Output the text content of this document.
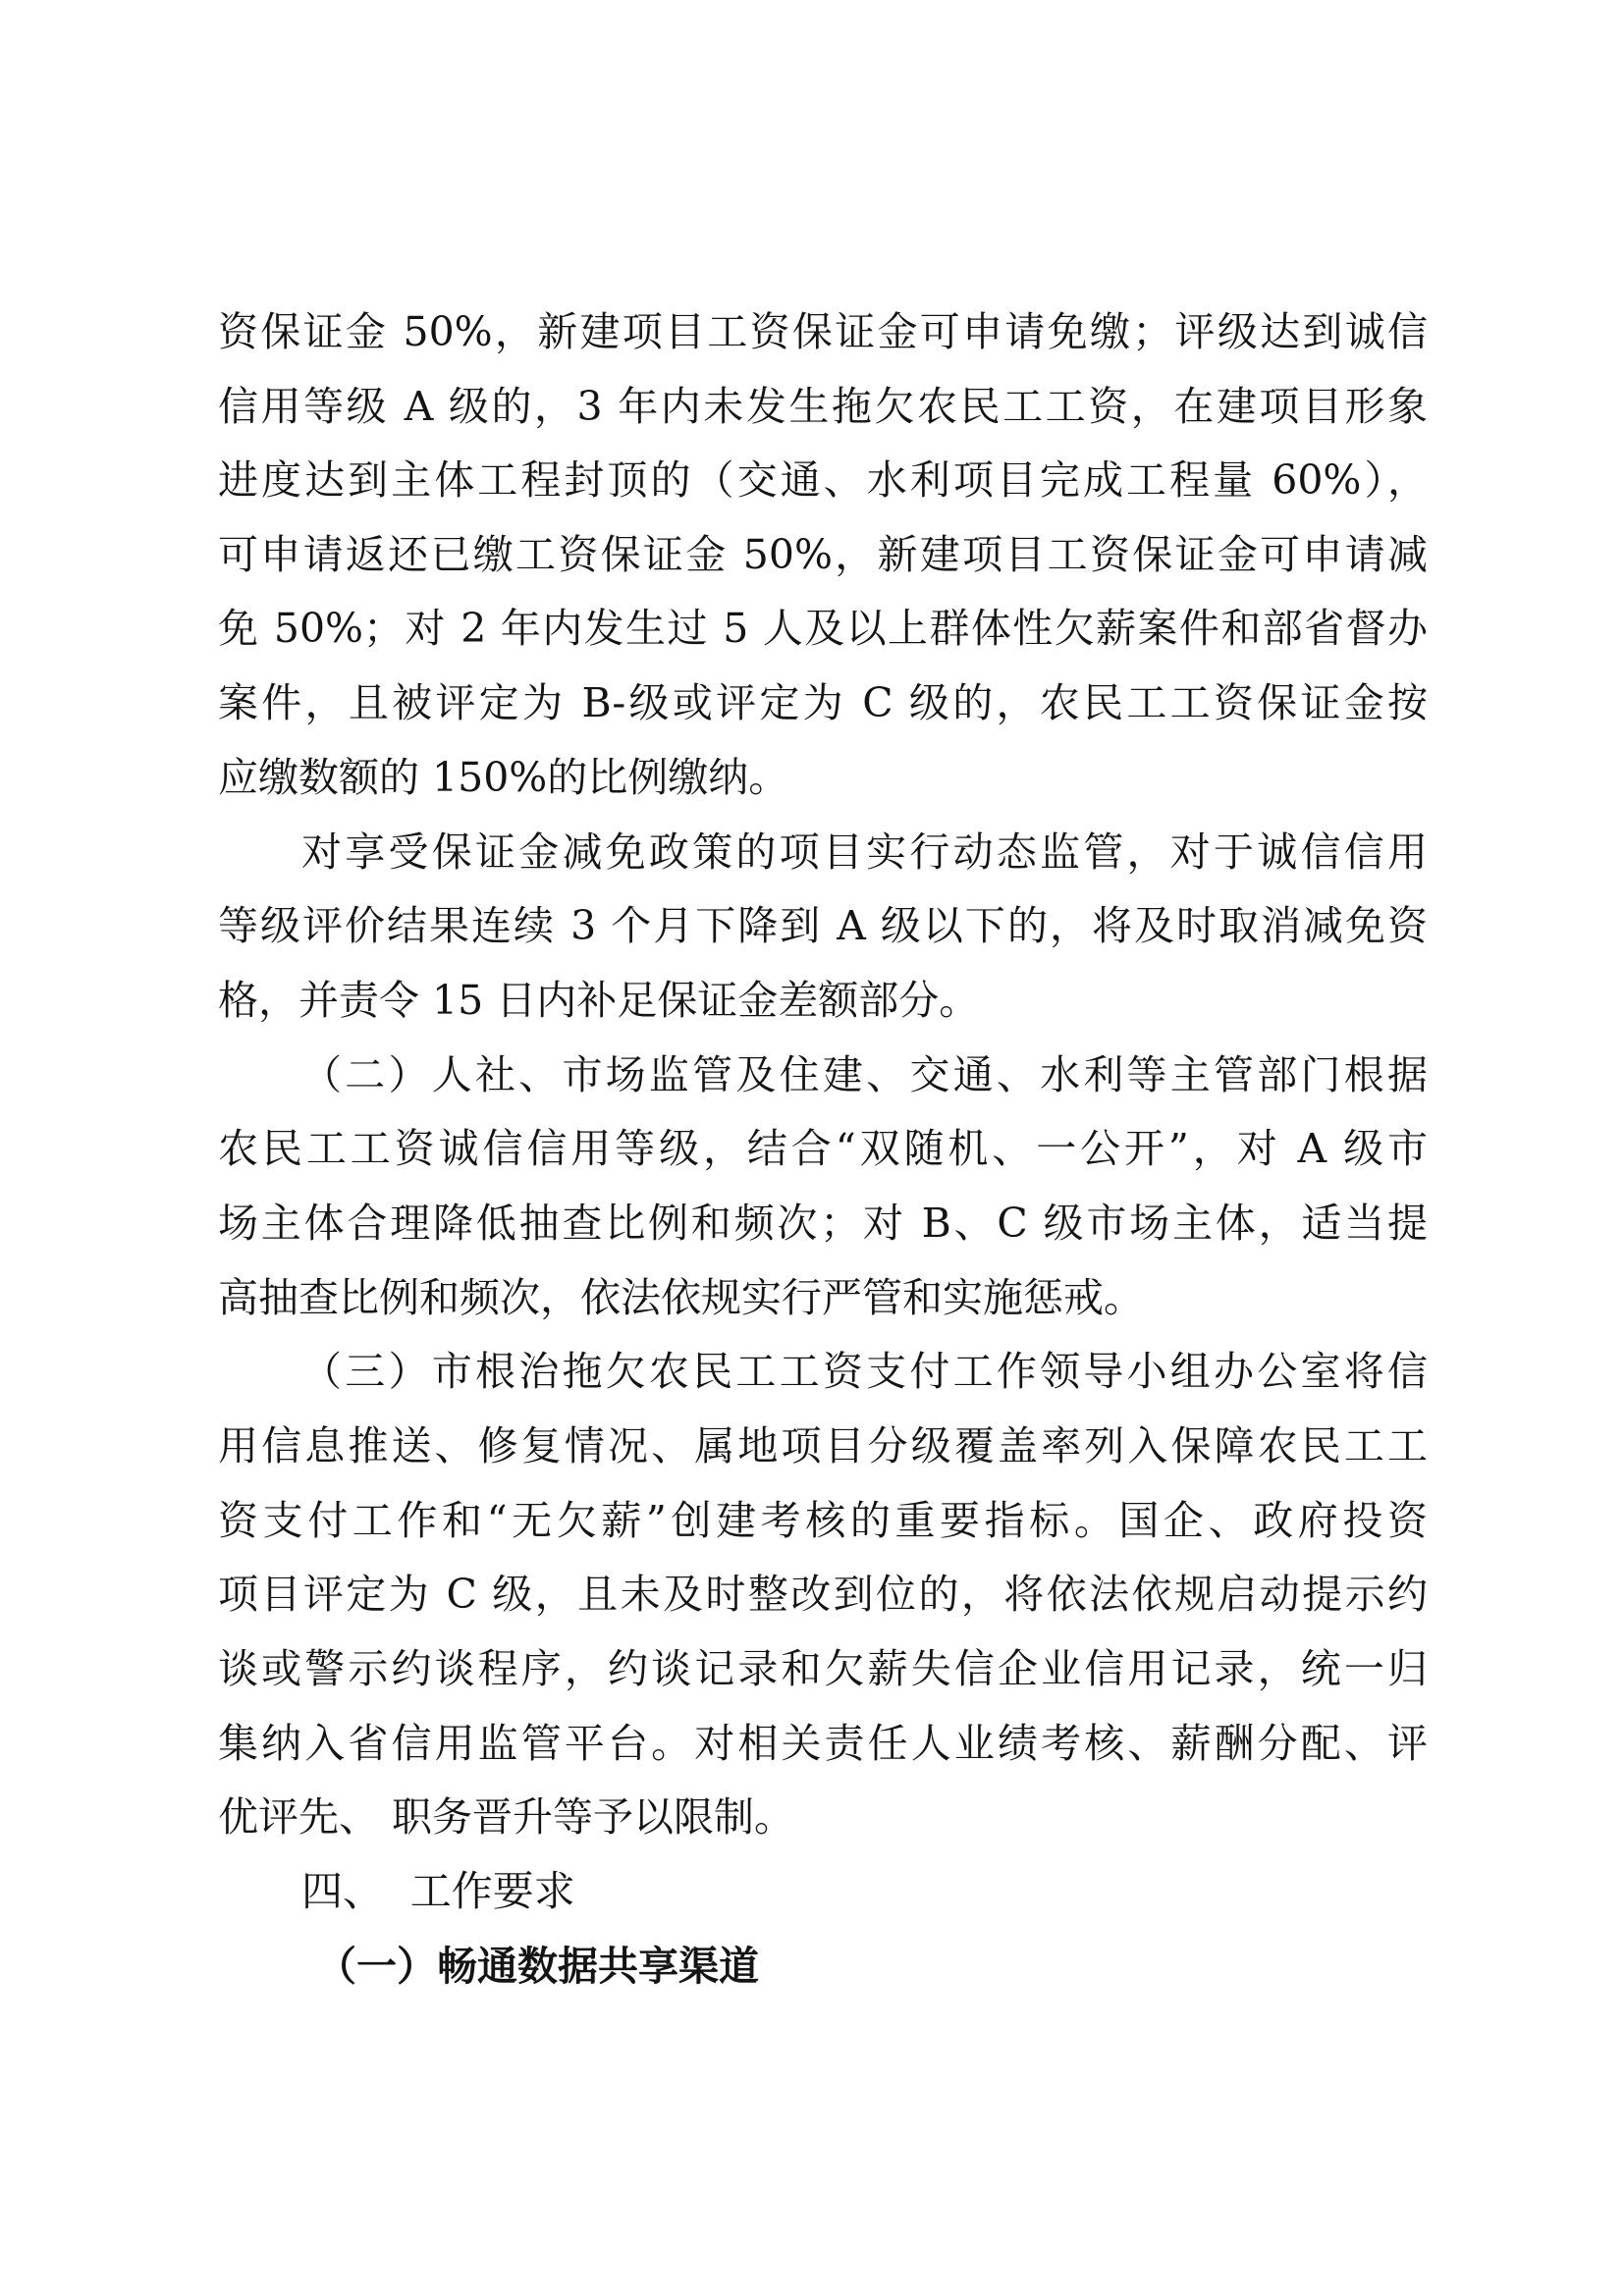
资保证金 50%，新建项目工资保证金可申请免缴；评级达到诚信
信用等级 A 级的，3 年内未发生拖欠农民工工资，在建项目形象
进度达到主体工程封顶的（交通、水利项目完成工程量 60%），
可申请返还已缴工资保证金 50%，新建项目工资保证金可申请减
免 50%；对 2 年内发生过 5 人及以上群体性欠薪案件和部省督办
案件，且被评定为 B-级或评定为 C 级的，农民工工资保证金按
应缴数额的 150%的比例缴纳。
对享受保证金减免政策的项目实行动态监管，对于诚信信用
等级评价结果连续 3 个月下降到 A 级以下的，将及时取消减免资
格，并责令 15 日内补足保证金差额部分。
（二）人社、市场监管及住建、交通、水利等主管部门根据
农民工工资诚信信用等级，结合“双随机、一公开”，对 A 级市
场主体合理降低抽查比例和频次；对 B、C 级市场主体，适当提
高抽查比例和频次，依法依规实行严管和实施惩戒。
（三）市根治拖欠农民工工资支付工作领导小组办公室将信
用信息推送、修复情况、属地项目分级覆盖率列入保障农民工工
资支付工作和“无欠薪”创建考核的重要指标。国企、政府投资
项目评定为 C 级，且未及时整改到位的，将依法依规启动提示约
谈或警示约谈程序，约谈记录和欠薪失信企业信用记录，统一归
集纳入省信用监管平台。对相关责任人业绩考核、薪酬分配、评
优评先、 职务晋升等予以限制。
四、  工作要求
（一）畅通数据共享渠道
